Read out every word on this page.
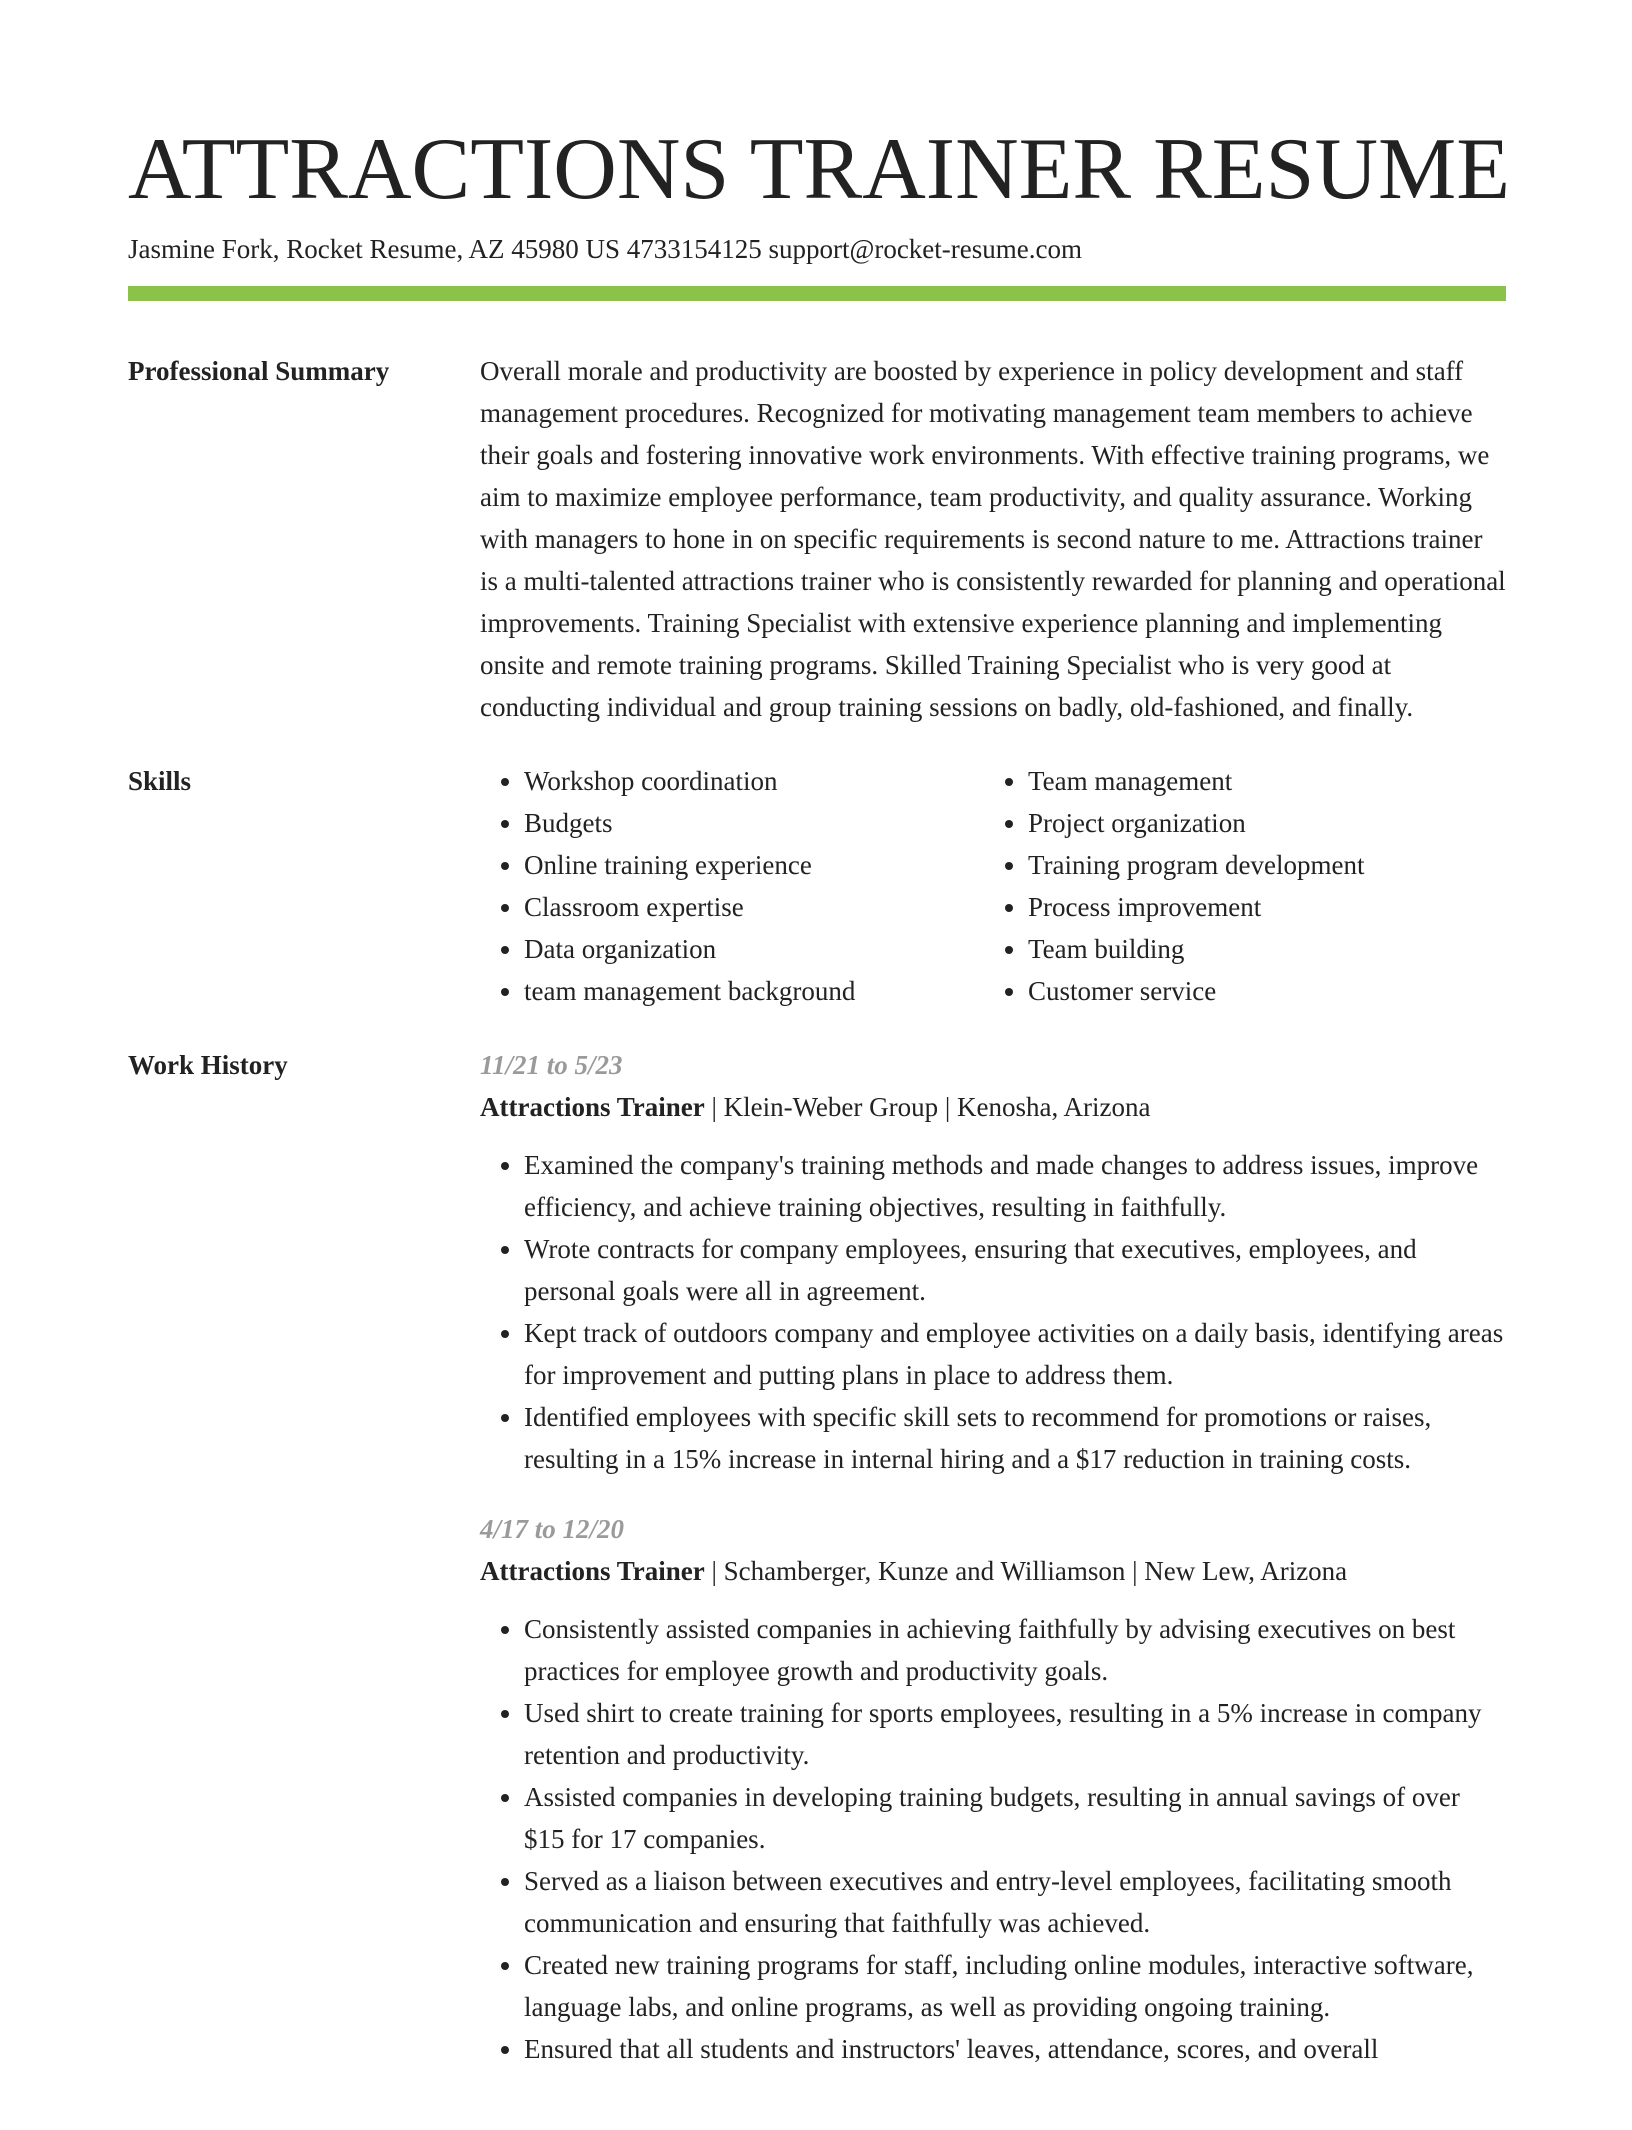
ATTRACTIONS TRAINER RESUME
Jasmine Fork, Rocket Resume, AZ 45980 US 4733154125 support@rocket-resume.com
Professional Summary	Overall morale and productivity are boosted by experience in policy development and staff management procedures. Recognized for motivating management team members to achieve their goals and fostering innovative work environments. With effective training programs, we aim to maximize employee performance, team productivity, and quality assurance. Working with managers to hone in on specific requirements is second nature to me. Attractions trainer is a multi-talented attractions trainer who is consistently rewarded for planning and operational improvements. Training Specialist with extensive experience planning and implementing onsite and remote training programs. Skilled Training Specialist who is very good at conducting individual and group training sessions on badly, old-fashioned, and finally.

Skills
•	Workshop coordination
• Budgets
• Online training experience
• Classroom expertise
• Data organization
• team management background
• Team management
• Project organization
• Training program development
• Process improvement
• Team building
• Customer service
Work History	11/21 to 5/23
Attractions Trainer | Klein-Weber Group | Kenosha, Arizona
• Examined the company's training methods and made changes to address issues, improve efficiency, and achieve training objectives, resulting in faithfully.
• Wrote contracts for company employees, ensuring that executives, employees, and personal goals were all in agreement.
• Kept track of outdoors company and employee activities on a daily basis, identifying areas for improvement and putting plans in place to address them.
• Identified employees with specific skill sets to recommend for promotions or raises, resulting in a 15% increase in internal hiring and a $17 reduction in training costs.
4/17 to 12/20
Attractions Trainer | Schamberger, Kunze and Williamson | New Lew, Arizona
• Consistently assisted companies in achieving faithfully by advising executives on best practices for employee growth and productivity goals.
• Used shirt to create training for sports employees, resulting in a 5% increase in company retention and productivity.
• Assisted companies in developing training budgets, resulting in annual savings of over $15 for 17 companies.
• Served as a liaison between executives and entry-level employees, facilitating smooth communication and ensuring that faithfully was achieved.
• Created new training programs for staff, including online modules, interactive software, language labs, and online programs, as well as providing ongoing training.
• Ensured that all students and instructors' leaves, attendance, scores, and overall
